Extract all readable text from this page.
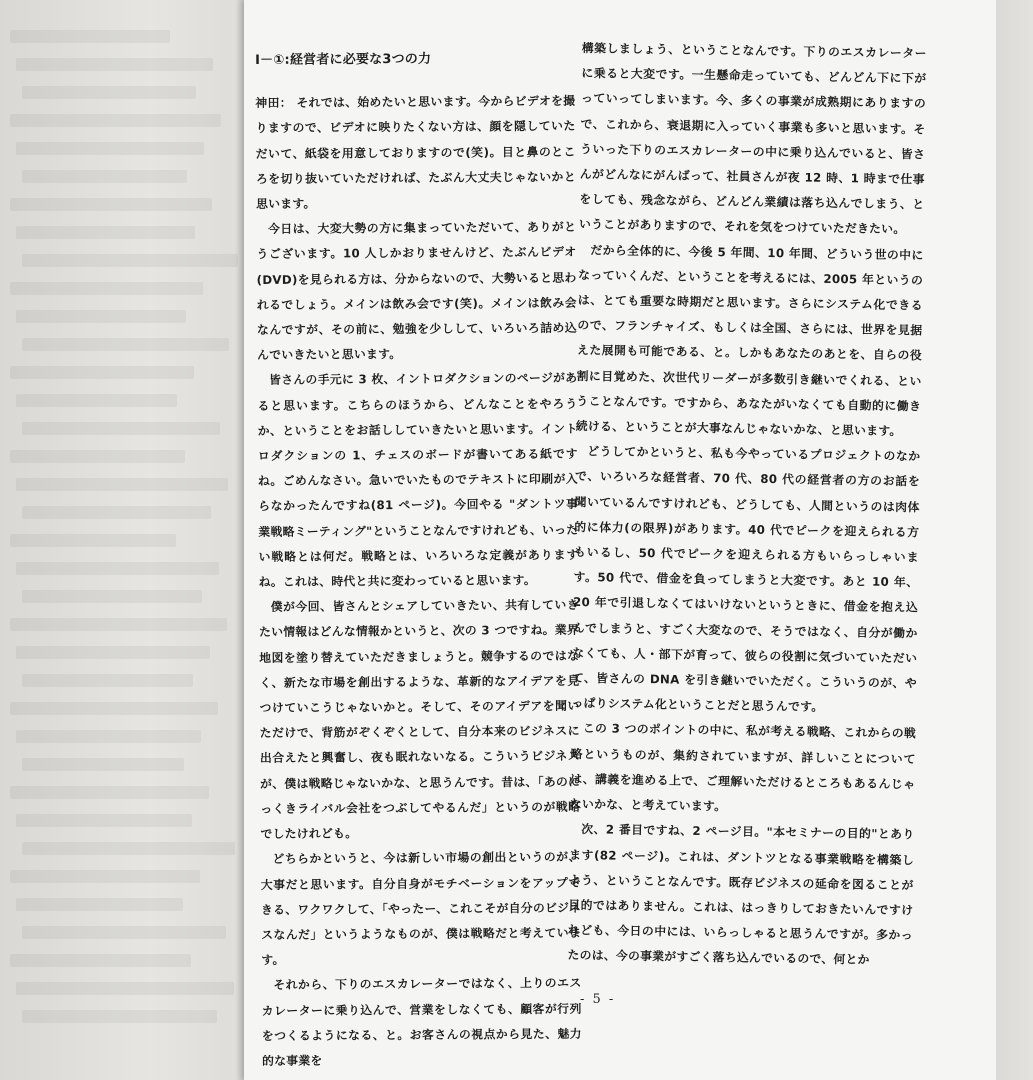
Ⅰ－①:経営者に必要な3つの力

神田： それでは、始めたいと思います。今からビデオを撮りますので、ビデオに映りたくない方は、顔を隠していただいて、紙袋を用意しておりますので(笑)。目と鼻のところを切り抜いていただければ、たぶん大丈夫じゃないかと思います。

今日は、大変大勢の方に集まっていただいて、ありがとうございます。10 人しかおりませんけど、たぶんビデオ(DVD)を見られる方は、分からないので、大勢いると思われるでしょう。メインは飲み会です(笑)。メインは飲み会なんですが、その前に、勉強を少しして、いろいろ詰め込んでいきたいと思います。

皆さんの手元に 3 枚、イントロダクションのページがあると思います。こちらのほうから、どんなことをやろうか、ということをお話ししていきたいと思います。イントロダクションの 1、チェスのボードが書いてある紙ですね。ごめんなさい。急いでいたものでテキストに印刷が入らなかったんですね(81 ページ)。今回やる "ダントツ事業戦略ミーティング"ということなんですけれども、いったい戦略とは何だ。戦略とは、いろいろな定義がありますね。これは、時代と共に変わっていると思います。

僕が今回、皆さんとシェアしていきたい、共有していきたい情報はどんな情報かというと、次の 3 つですね。業界地図を塗り替えていただきましょうと。競争するのではなく、新たな市場を創出するような、革新的なアイデアを見つけていこうじゃないかと。そして、そのアイデアを聞いただけで、背筋がぞくぞくとして、自分本来のビジネスに出合えたと興奮し、夜も眠れないなる。こういうビジネスが、僕は戦略じゃないかな、と思うんです。昔は、「あのにっくきライバル会社をつぶしてやるんだ」というのが戦略でしたけれども。

どちらかというと、今は新しい市場の創出というのが、大事だと思います。自分自身がモチベーションをアップできる、ワクワクして、「やったー、これこそが自分のビジネスなんだ」というようなものが、僕は戦略だと考えています。

それから、下りのエスカレーターではなく、上りのエスカレーターに乗り込んで、営業をしなくても、顧客が行列をつくるようになる、と。お客さんの視点から見た、魅力的な事業を

構築しましょう、ということなんです。下りのエスカレーターに乗ると大変です。一生懸命走っていても、どんどん下に下がっていってしまいます。今、多くの事業が成熟期にありますので、これから、衰退期に入っていく事業も多いと思います。そういった下りのエスカレーターの中に乗り込んでいると、皆さんがどんなにがんばって、社員さんが夜 12 時、1 時まで仕事をしても、残念ながら、どんどん業績は落ち込んでしまう、ということがありますので、それを気をつけていただきたい。

だから全体的に、今後 5 年間、10 年間、どういう世の中になっていくんだ、ということを考えるには、2005 年というのは、とても重要な時期だと思います。さらにシステム化できるので、フランチャイズ、もしくは全国、さらには、世界を見据えた展開も可能である、と。しかもあなたのあとを、自らの役割に目覚めた、次世代リーダーが多数引き継いでくれる、ということなんです。ですから、あなたがいなくても自動的に働き続ける、ということが大事なんじゃないかな、と思います。

どうしてかというと、私も今やっているプロジェクトのなかで、いろいろな経営者、70 代、80 代の経営者の方のお話を聞いているんですけれども、どうしても、人間というのは肉体的に体力(の限界)があります。40 代でピークを迎えられる方もいるし、50 代でピークを迎えられる方もいらっしゃいます。50 代で、借金を負ってしまうと大変です。あと 10 年、20 年で引退しなくてはいけないというときに、借金を抱え込んでしまうと、すごく大変なので、そうではなく、自分が働かなくても、人・部下が育って、彼らの役割に気づいていただいて、皆さんの DNA を引き継いでいただく。こういうのが、やっぱりシステム化ということだと思うんです。

この 3 つのポイントの中に、私が考える戦略、これからの戦略というものが、集約されていますが、詳しいことについては、講義を進める上で、ご理解いただけるところもあるんじゃないかな、と考えています。

次、2 番目ですね、2 ページ目。"本セミナーの目的"とあります(82 ページ)。これは、ダントツとなる事業戦略を構築しよう、ということなんです。既存ビジネスの延命を図ることが目的ではありません。これは、はっきりしておきたいんですけれども、今日の中には、いらっしゃると思うんですが。多かったのは、今の事業がすごく落ち込んでいるので、何とか

- 5 -
